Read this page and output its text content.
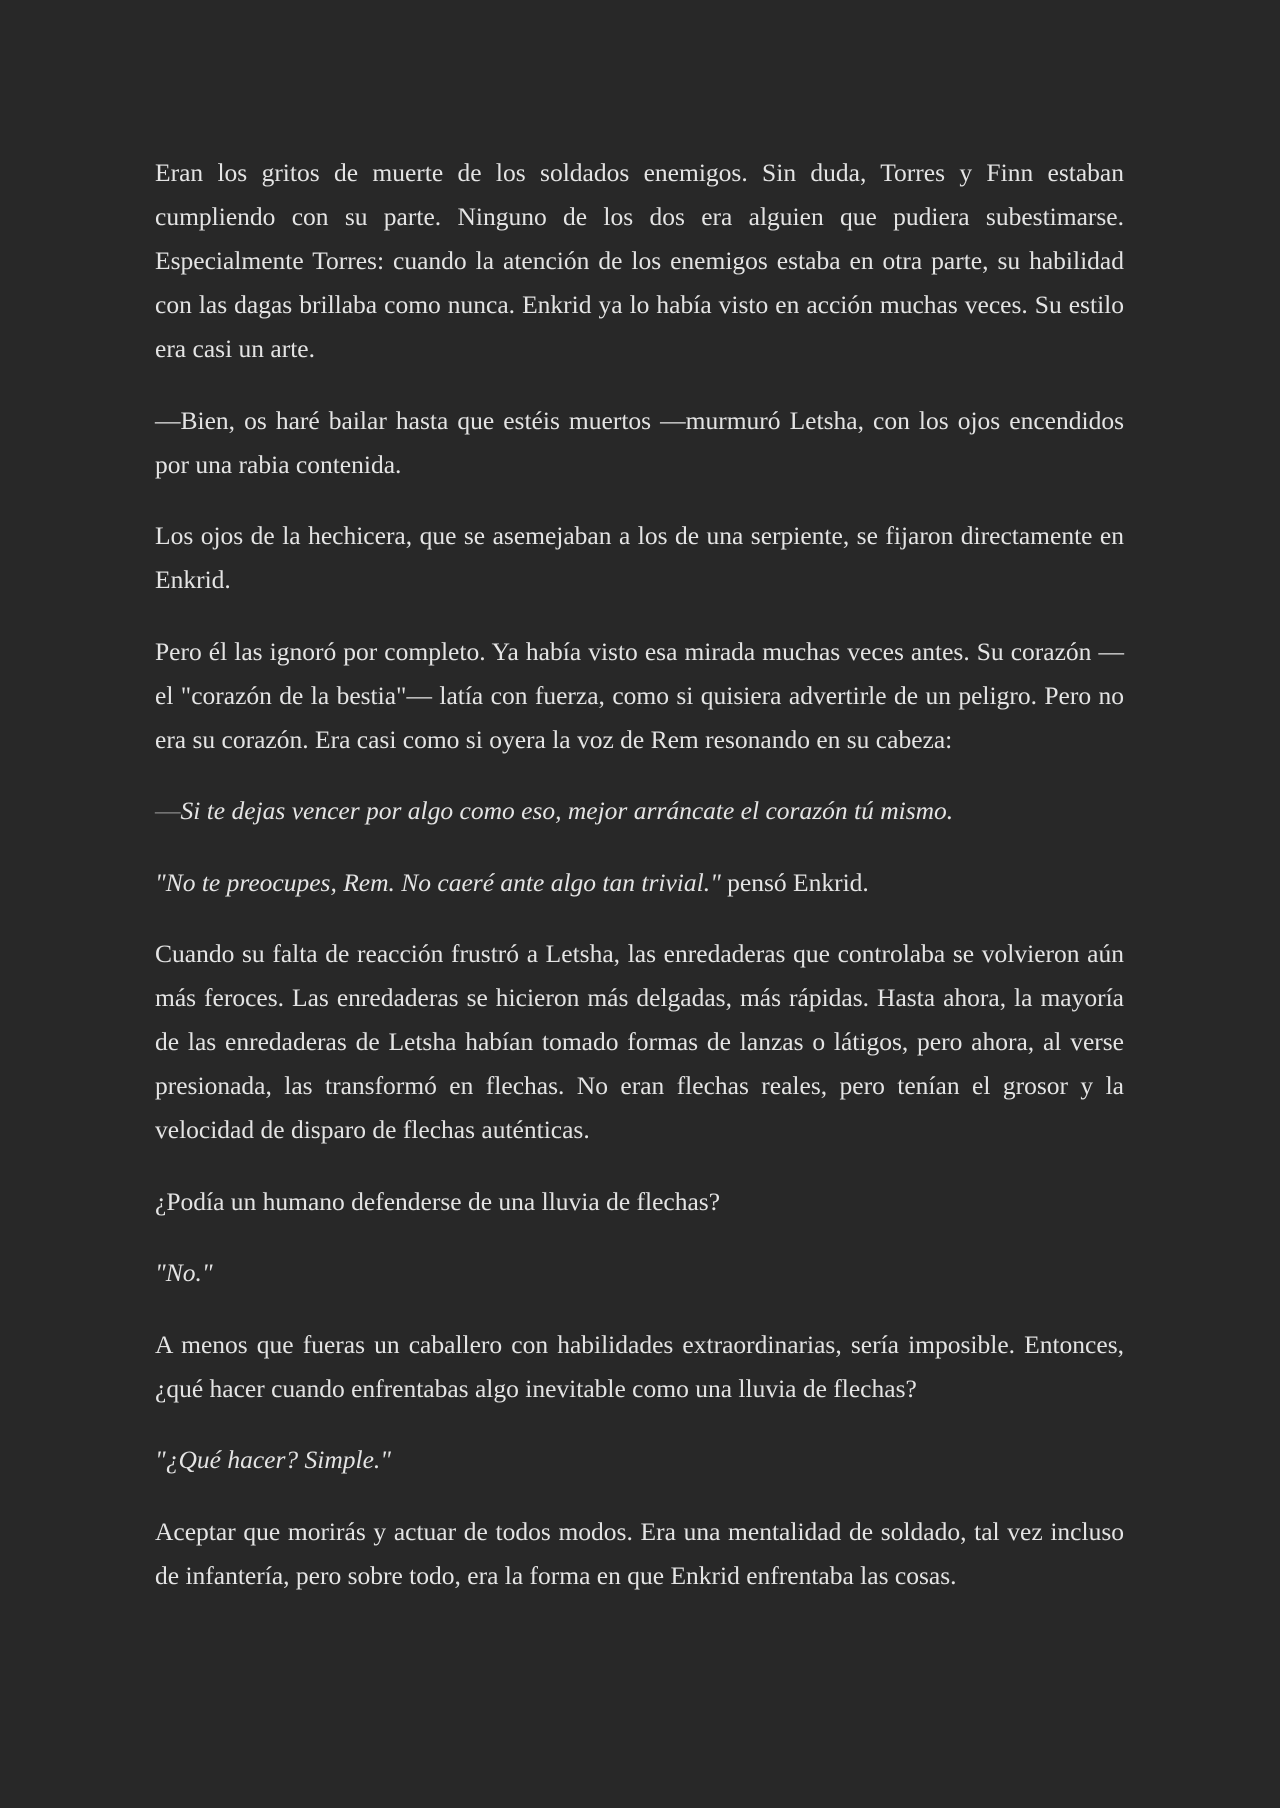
Eran los gritos de muerte de los soldados enemigos. Sin duda, Torres y Finn estaban cumpliendo con su parte. Ninguno de los dos era alguien que pudiera subestimarse. Especialmente Torres: cuando la atención de los enemigos estaba en otra parte, su habilidad con las dagas brillaba como nunca. Enkrid ya lo había visto en acción muchas veces. Su estilo era casi un arte.

—Bien, os haré bailar hasta que estéis muertos —murmuró Letsha, con los ojos encendidos por una rabia contenida.

Los ojos de la hechicera, que se asemejaban a los de una serpiente, se fijaron directamente en Enkrid.

Pero él las ignoró por completo. Ya había visto esa mirada muchas veces antes. Su corazón —el "corazón de la bestia"— latía con fuerza, como si quisiera advertirle de un peligro. Pero no era su corazón. Era casi como si oyera la voz de Rem resonando en su cabeza:

—Si te dejas vencer por algo como eso, mejor arráncate el corazón tú mismo.

"No te preocupes, Rem. No caeré ante algo tan trivial." pensó Enkrid.

Cuando su falta de reacción frustró a Letsha, las enredaderas que controlaba se volvieron aún más feroces. Las enredaderas se hicieron más delgadas, más rápidas. Hasta ahora, la mayoría de las enredaderas de Letsha habían tomado formas de lanzas o látigos, pero ahora, al verse presionada, las transformó en flechas. No eran flechas reales, pero tenían el grosor y la velocidad de disparo de flechas auténticas.

¿Podía un humano defenderse de una lluvia de flechas?

"No."

A menos que fueras un caballero con habilidades extraordinarias, sería imposible. Entonces, ¿qué hacer cuando enfrentabas algo inevitable como una lluvia de flechas?

"¿Qué hacer? Simple."

Aceptar que morirás y actuar de todos modos. Era una mentalidad de soldado, tal vez incluso de infantería, pero sobre todo, era la forma en que Enkrid enfrentaba las cosas.
